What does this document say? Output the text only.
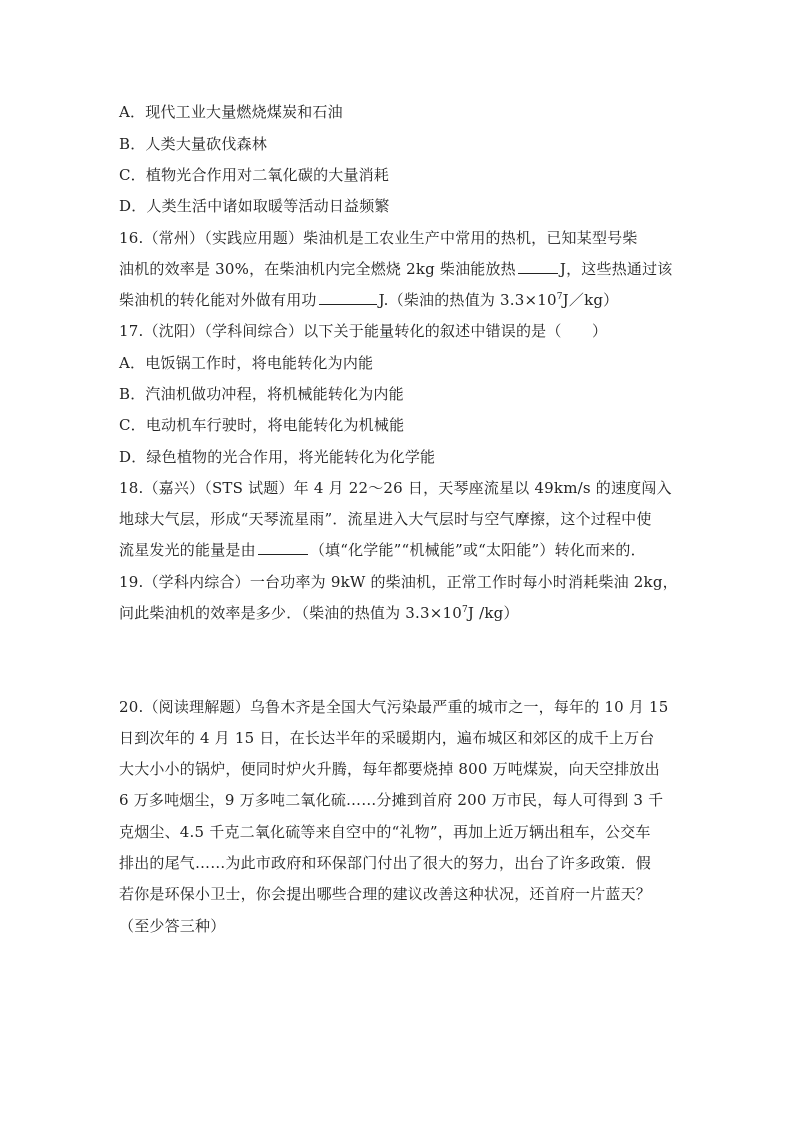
A．现代工业大量燃烧煤炭和石油
B．人类大量砍伐森林
C．植物光合作用对二氧化碳的大量消耗
D．人类生活中诸如取暖等活动日益频繁
16.（常州）（实践应用题）柴油机是工农业生产中常用的热机，已知某型号柴
油机的效率是 30%，在柴油机内完全燃烧 2kg 柴油能放热	J，这些热通过该
柴油机的转化能对外做有用功	J.（柴油的热值为 $3.3\times 10^7J/kg$）
17.（沈阳）（学科间综合）以下关于能量转化的叙述中错误的是（　　）
A．电饭锅工作时，将电能转化为内能
B．汽油机做功冲程，将机械能转化为内能
C．电动机车行驶时，将电能转化为机械能
D．绿色植物的光合作用，将光能转化为化学能
18.（嘉兴）（STS 试题）年 4 月 22～26 日，天琴座流星以 49km/s 的速度闯入
地球大气层，形成“天琴流星雨”．流星进入大气层时与空气摩擦，这个过程中使
流星发光的能量是由	（填“化学能”“机械能”或“太阳能”）转化而来的．
19.（学科内综合）一台功率为 9kW 的柴油机，正常工作时每小时消耗柴油 2kg，
问此柴油机的效率是多少．（柴油的热值为 $3.3\times 10^7J$ /kg）
20.（阅读理解题）乌鲁木齐是全国大气污染最严重的城市之一，每年的 10 月 15
日到次年的 4 月 15 日，在长达半年的采暖期内，遍布城区和郊区的成千上万台
大大小小的锅炉，便同时炉火升腾，每年都要烧掉 800 万吨煤炭，向天空排放出
6 万多吨烟尘，9 万多吨二氧化硫……分摊到首府 200 万市民，每人可得到 3 千
克烟尘、4.5 千克二氧化硫等来自空中的“礼物”，再加上近万辆出租车，公交车
排出的尾气……为此市政府和环保部门付出了很大的努力，出台了许多政策．假
若你是环保小卫士，你会提出哪些合理的建议改善这种状况，还首府一片蓝天？
（至少答三种）
